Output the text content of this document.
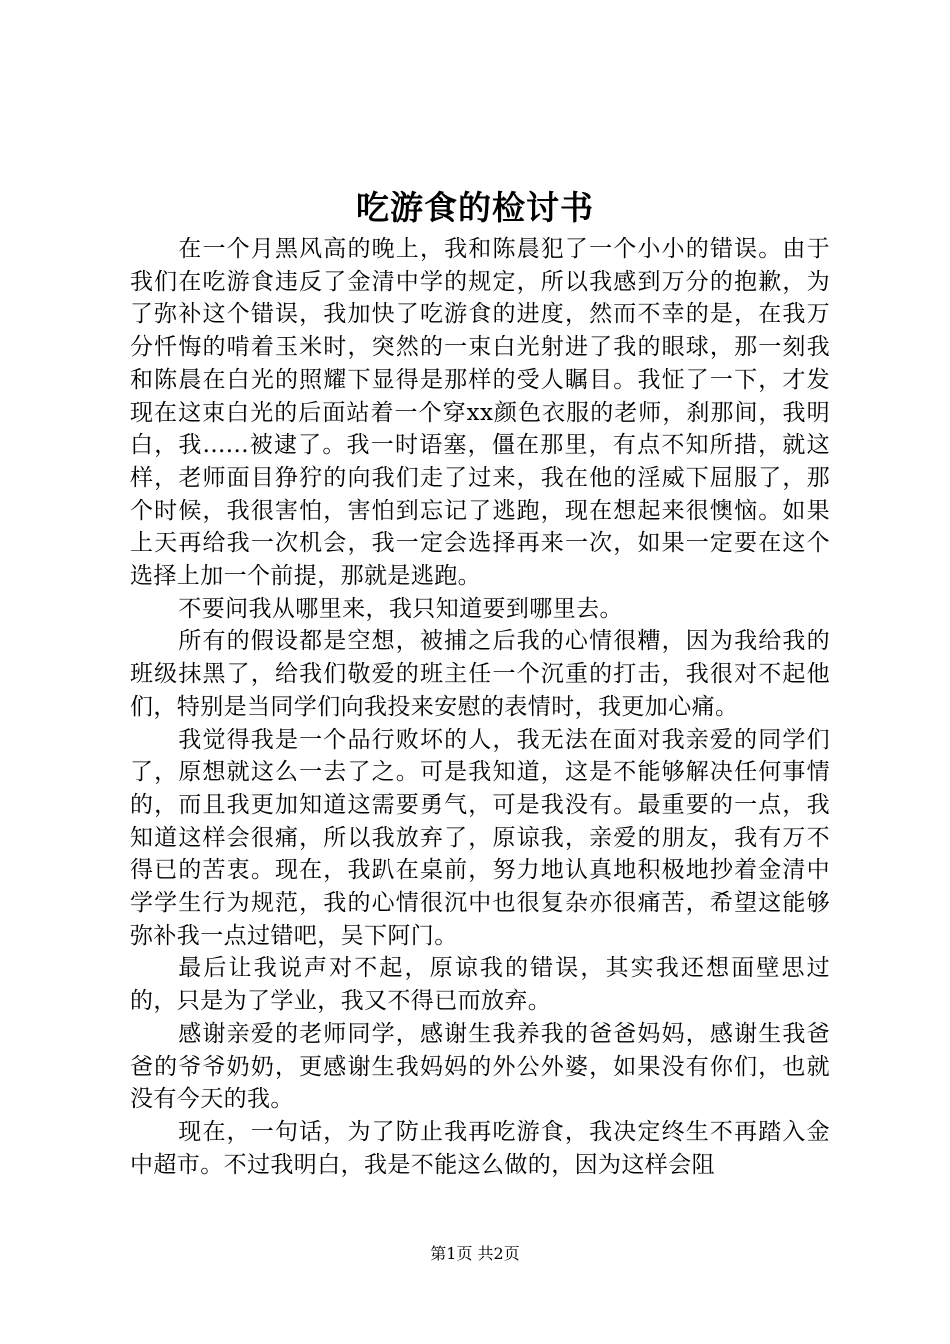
吃游食的检讨书

在一个月黑风高的晚上，我和陈晨犯了一个小小的错误。由于我们在吃游食违反了金清中学的规定，所以我感到万分的抱歉，为了弥补这个错误，我加快了吃游食的进度，然而不幸的是，在我万分忏悔的啃着玉米时，突然的一束白光射进了我的眼球，那一刻我和陈晨在白光的照耀下显得是那样的受人瞩目。我怔了一下，才发现在这束白光的后面站着一个穿xx颜色衣服的老师，刹那间，我明白，我......被逮了。我一时语塞，僵在那里，有点不知所措，就这样，老师面目狰狞的向我们走了过来，我在他的淫威下屈服了，那个时候，我很害怕，害怕到忘记了逃跑，现在想起来很懊恼。如果上天再给我一次机会，我一定会选择再来一次，如果一定要在这个选择上加一个前提，那就是逃跑。

不要问我从哪里来，我只知道要到哪里去。

所有的假设都是空想，被捕之后我的心情很糟，因为我给我的班级抹黑了，给我们敬爱的班主任一个沉重的打击，我很对不起他们，特别是当同学们向我投来安慰的表情时，我更加心痛。

我觉得我是一个品行败坏的人，我无法在面对我亲爱的同学们了，原想就这么一去了之。可是我知道，这是不能够解决任何事情的，而且我更加知道这需要勇气，可是我没有。最重要的一点，我知道这样会很痛，所以我放弃了，原谅我，亲爱的朋友，我有万不得已的苦衷。现在，我趴在桌前，努力地认真地积极地抄着金清中学学生行为规范，我的心情很沉中也很复杂亦很痛苦，希望这能够弥补我一点过错吧，吴下阿门。

最后让我说声对不起，原谅我的错误，其实我还想面壁思过的，只是为了学业，我又不得已而放弃。

感谢亲爱的老师同学，感谢生我养我的爸爸妈妈，感谢生我爸爸的爷爷奶奶，更感谢生我妈妈的外公外婆，如果没有你们，也就没有今天的我。

现在，一句话，为了防止我再吃游食，我决定终生不再踏入金中超市。不过我明白，我是不能这么做的，因为这样会阻

第1页 共2页
